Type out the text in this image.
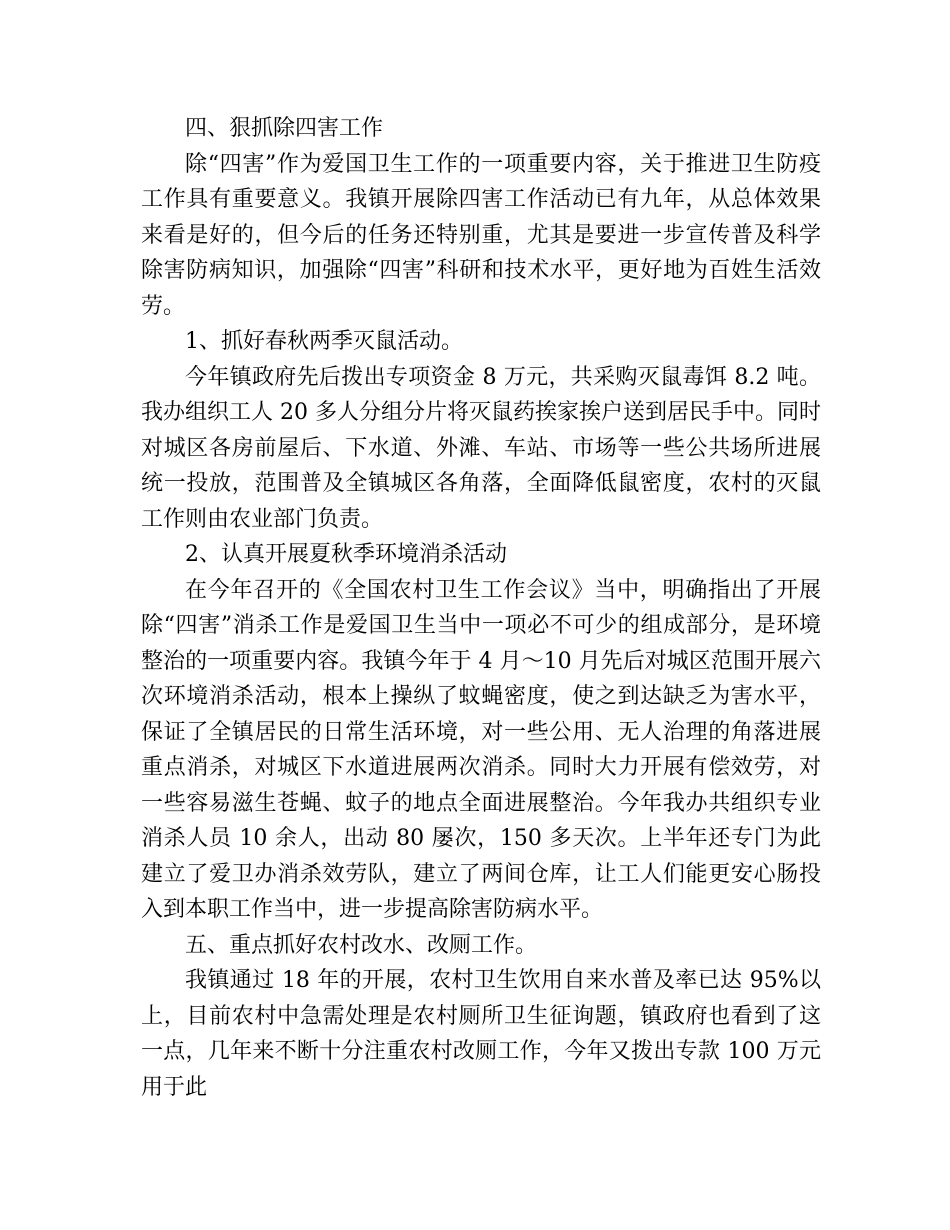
四、狠抓除四害工作

除“四害”作为爱国卫生工作的一项重要内容，关于推进卫生防疫工作具有重要意义。我镇开展除四害工作活动已有九年，从总体效果来看是好的，但今后的任务还特别重，尤其是要进一步宣传普及科学除害防病知识，加强除“四害”科研和技术水平，更好地为百姓生活效劳。

1、抓好春秋两季灭鼠活动。

今年镇政府先后拨出专项资金 8 万元，共采购灭鼠毒饵 8.2 吨。我办组织工人 20 多人分组分片将灭鼠药挨家挨户送到居民手中。同时对城区各房前屋后、下水道、外滩、车站、市场等一些公共场所进展统一投放，范围普及全镇城区各角落，全面降低鼠密度，农村的灭鼠工作则由农业部门负责。

2、认真开展夏秋季环境消杀活动

在今年召开的《全国农村卫生工作会议》当中，明确指出了开展除“四害”消杀工作是爱国卫生当中一项必不可少的组成部分，是环境整治的一项重要内容。我镇今年于 4 月～10 月先后对城区范围开展六次环境消杀活动，根本上操纵了蚊蝇密度，使之到达缺乏为害水平，保证了全镇居民的日常生活环境，对一些公用、无人治理的角落进展重点消杀，对城区下水道进展两次消杀。同时大力开展有偿效劳，对一些容易滋生苍蝇、蚊子的地点全面进展整治。今年我办共组织专业消杀人员 10 余人，出动 80 屡次，150 多天次。上半年还专门为此建立了爱卫办消杀效劳队，建立了两间仓库，让工人们能更安心肠投入到本职工作当中，进一步提高除害防病水平。

五、重点抓好农村改水、改厕工作。

我镇通过 18 年的开展，农村卫生饮用自来水普及率已达 95%以上，目前农村中急需处理是农村厕所卫生征询题，镇政府也看到了这一点，几年来不断十分注重农村改厕工作，今年又拨出专款 100 万元用于此
